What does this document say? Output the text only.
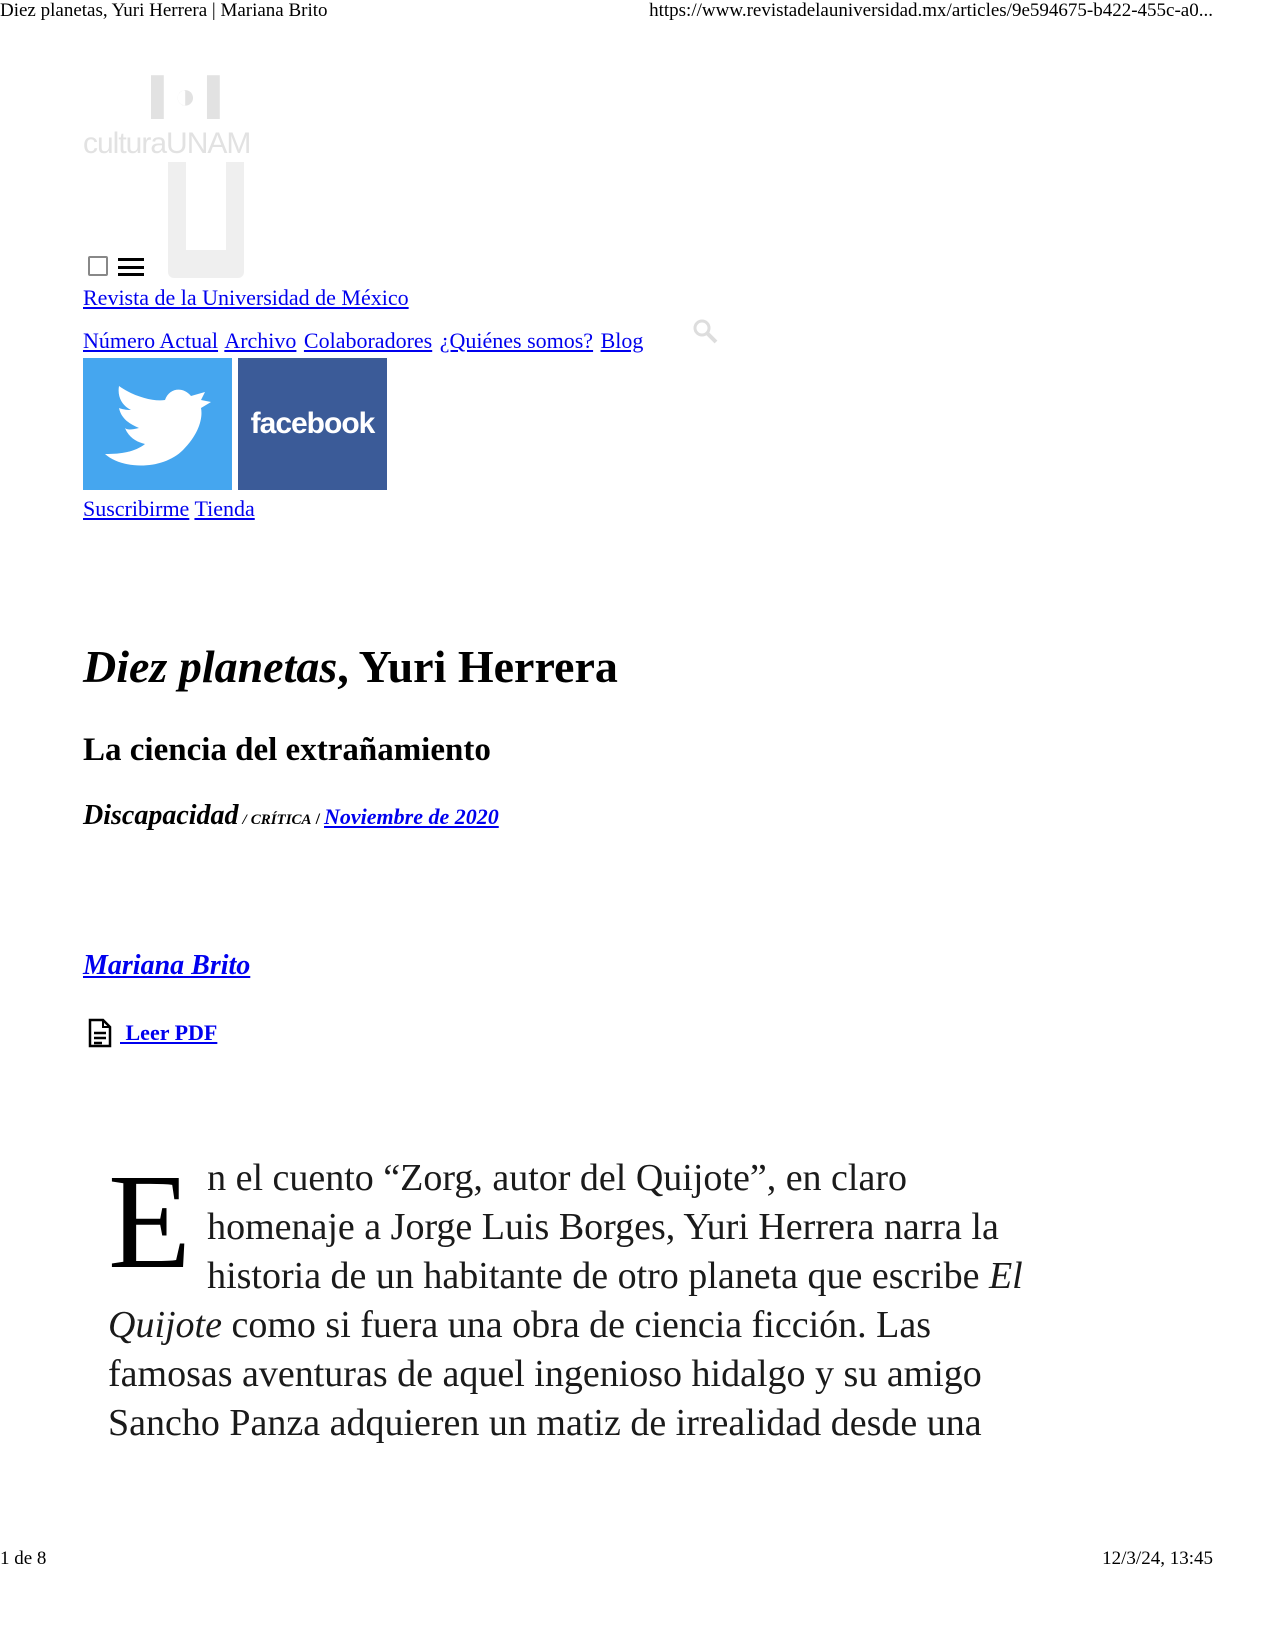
Diez planetas, Yuri Herrera | Mariana Brito	https://www.revistadelauniversidad.mx/articles/9e594675-b422-455c-a0...
▌◑▐
culturaUNAM
Revista de la Universidad de México
Número Actual Archivo Colaboradores ¿Quiénes somos? Blog
facebook
Suscribirme Tienda
Diez planetas, Yuri Herrera
La ciencia del extrañamiento
Discapacidad / CRÍTICA / Noviembre de 2020
Mariana Brito
Leer PDF
En el cuento “Zorg, autor del Quijote”, en claro homenaje a Jorge Luis Borges, Yuri Herrera narra la historia de un habitante de otro planeta que escribe El Quijote como si fuera una obra de ciencia ficción. Las famosas aventuras de aquel ingenioso hidalgo y su amigo Sancho Panza adquieren un matiz de irrealidad desde una
1 de 8	12/3/24, 13:45
